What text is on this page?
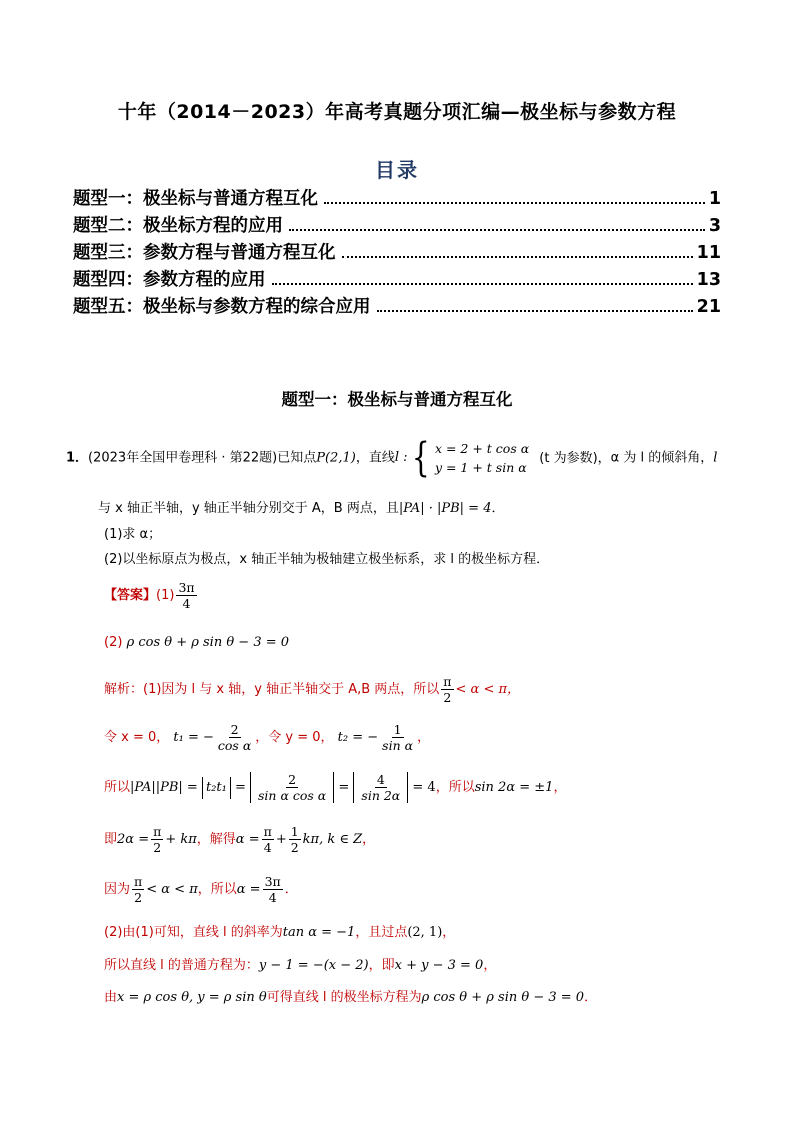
十年（2014－2023）年高考真题分项汇编—极坐标与参数方程
目录
题型一：极坐标与普通方程互化	1
题型二：极坐标方程的应用	3
题型三：参数方程与普通方程互化	11
题型四：参数方程的应用	13
题型五：极坐标与参数方程的综合应用	21
题型一：极坐标与普通方程互化
1．(2023年全国甲卷理科 · 第22题)已知点P(2,1)，直线 l : { x = 2 + t cos α
y = 1 + t sin α
(t 为参数)，α 为 l 的倾斜角，l
与 x 轴正半轴，y 轴正半轴分别交于 A，B 两点，且|PA| · |PB| = 4．
(1)求 α；
(2)以坐标原点为极点，x 轴正半轴为极轴建立极坐标系，求 l 的极坐标方程．
【答案】$(1) \frac{3\pi}{4}$
(2) ρ cos θ + ρ sin θ − 3 = 0
解析：(1)因为 l 与 x 轴，y 轴正半轴交于 A,B 两点，所以 $\frac{\pi}{2} < \alpha < \pi$，
令 x = 0， t₁ = − $\frac{2}{\text{cos α}}$ ，令 y = 0， t₂ = − $\frac{1}{\text{sin α}}$ ，
所以$|PA||PB| = t_2t_1 = \frac{2}{\text{sin α cos α}} = \frac{4}{\sin 2\alpha} = 4$，所以sin 2α = ±1，
即$2\alpha = \frac{\pi}{2} + k\pi$，解得$\alpha = \frac{\pi}{4} + \frac{1}{2} k\pi$, k ∈ Z，
因为 $\frac{\pi}{2} < \alpha < \pi$，所以$\alpha = \frac{3\pi}{4}$ ．
(2)由(1)可知，直线 l 的斜率为tan α = −1，且过点(2, 1)，
所以直线 l 的普通方程为：y − 1 = −(x − 2)，即x + y − 3 = 0，
由x = ρ cos θ, y = ρ sin θ可得直线 l 的极坐标方程为ρ cos θ + ρ sin θ − 3 = 0．
